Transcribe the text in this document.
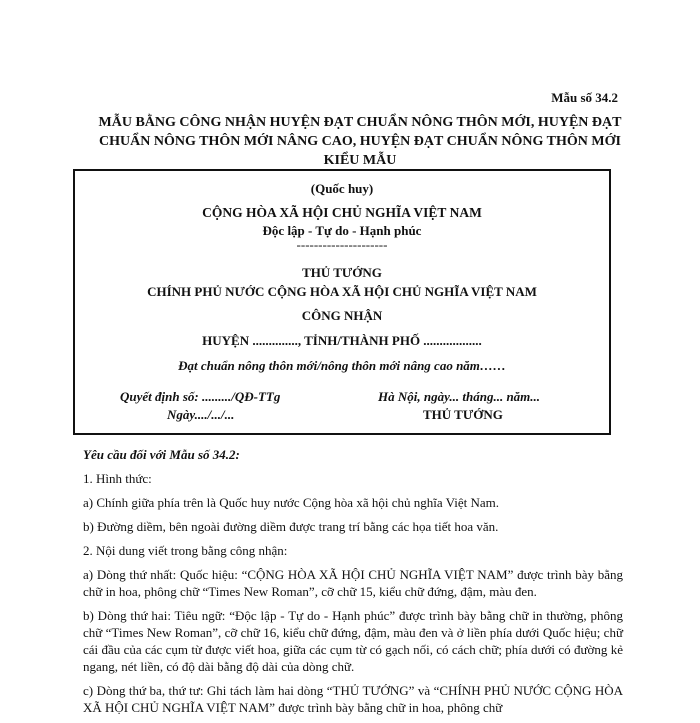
Mẫu số 34.2
MẪU BẰNG CÔNG NHẬN HUYỆN ĐẠT CHUẨN NÔNG THÔN MỚI, HUYỆN ĐẠT CHUẨN NÔNG THÔN MỚI NÂNG CAO, HUYỆN ĐẠT CHUẨN NÔNG THÔN MỚI KIỂU MẪU
(Quốc huy)
CỘNG HÒA XÃ HỘI CHỦ NGHĨA VIỆT NAM
Độc lập - Tự do - Hạnh phúc
---------------------
THỦ TƯỚNG
CHÍNH PHỦ NƯỚC CỘNG HÒA XÃ HỘI CHỦ NGHĨA VIỆT NAM
CÔNG NHẬN
HUYỆN .............., TỈNH/THÀNH PHỐ ..................
Đạt chuẩn nông thôn mới/nông thôn mới nâng cao năm……
Quyết định số: ........./QĐ-TTg
Ngày..../.../...
Hà Nội, ngày... tháng... năm...
THỦ TƯỚNG

Yêu cầu đối với Mẫu số 34.2:

1. Hình thức:

a) Chính giữa phía trên là Quốc huy nước Cộng hòa xã hội chủ nghĩa Việt Nam.

b) Đường diềm, bên ngoài đường diềm được trang trí bằng các họa tiết hoa văn.

2. Nội dung viết trong bằng công nhận:

a) Dòng thứ nhất: Quốc hiệu: “CỘNG HÒA XÃ HỘI CHỦ NGHĨA VIỆT NAM” được trình bày bằng chữ in hoa, phông chữ “Times New Roman”, cỡ chữ 15, kiểu chữ đứng, đậm, màu đen.

b) Dòng thứ hai: Tiêu ngữ: “Độc lập - Tự do - Hạnh phúc” được trình bày bằng chữ in thường, phông chữ “Times New Roman”, cỡ chữ 16, kiểu chữ đứng, đậm, màu đen và ở liền phía dưới Quốc hiệu; chữ cái đầu của các cụm từ được viết hoa, giữa các cụm từ có gạch nối, có cách chữ; phía dưới có đường kẻ ngang, nét liền, có độ dài bằng độ dài của dòng chữ.

c) Dòng thứ ba, thứ tư: Ghi tách làm hai dòng “THỦ TƯỚNG” và “CHÍNH PHỦ NƯỚC CỘNG HÒA XÃ HỘI CHỦ NGHĨA VIỆT NAM” được trình bày bằng chữ in hoa, phông chữ
